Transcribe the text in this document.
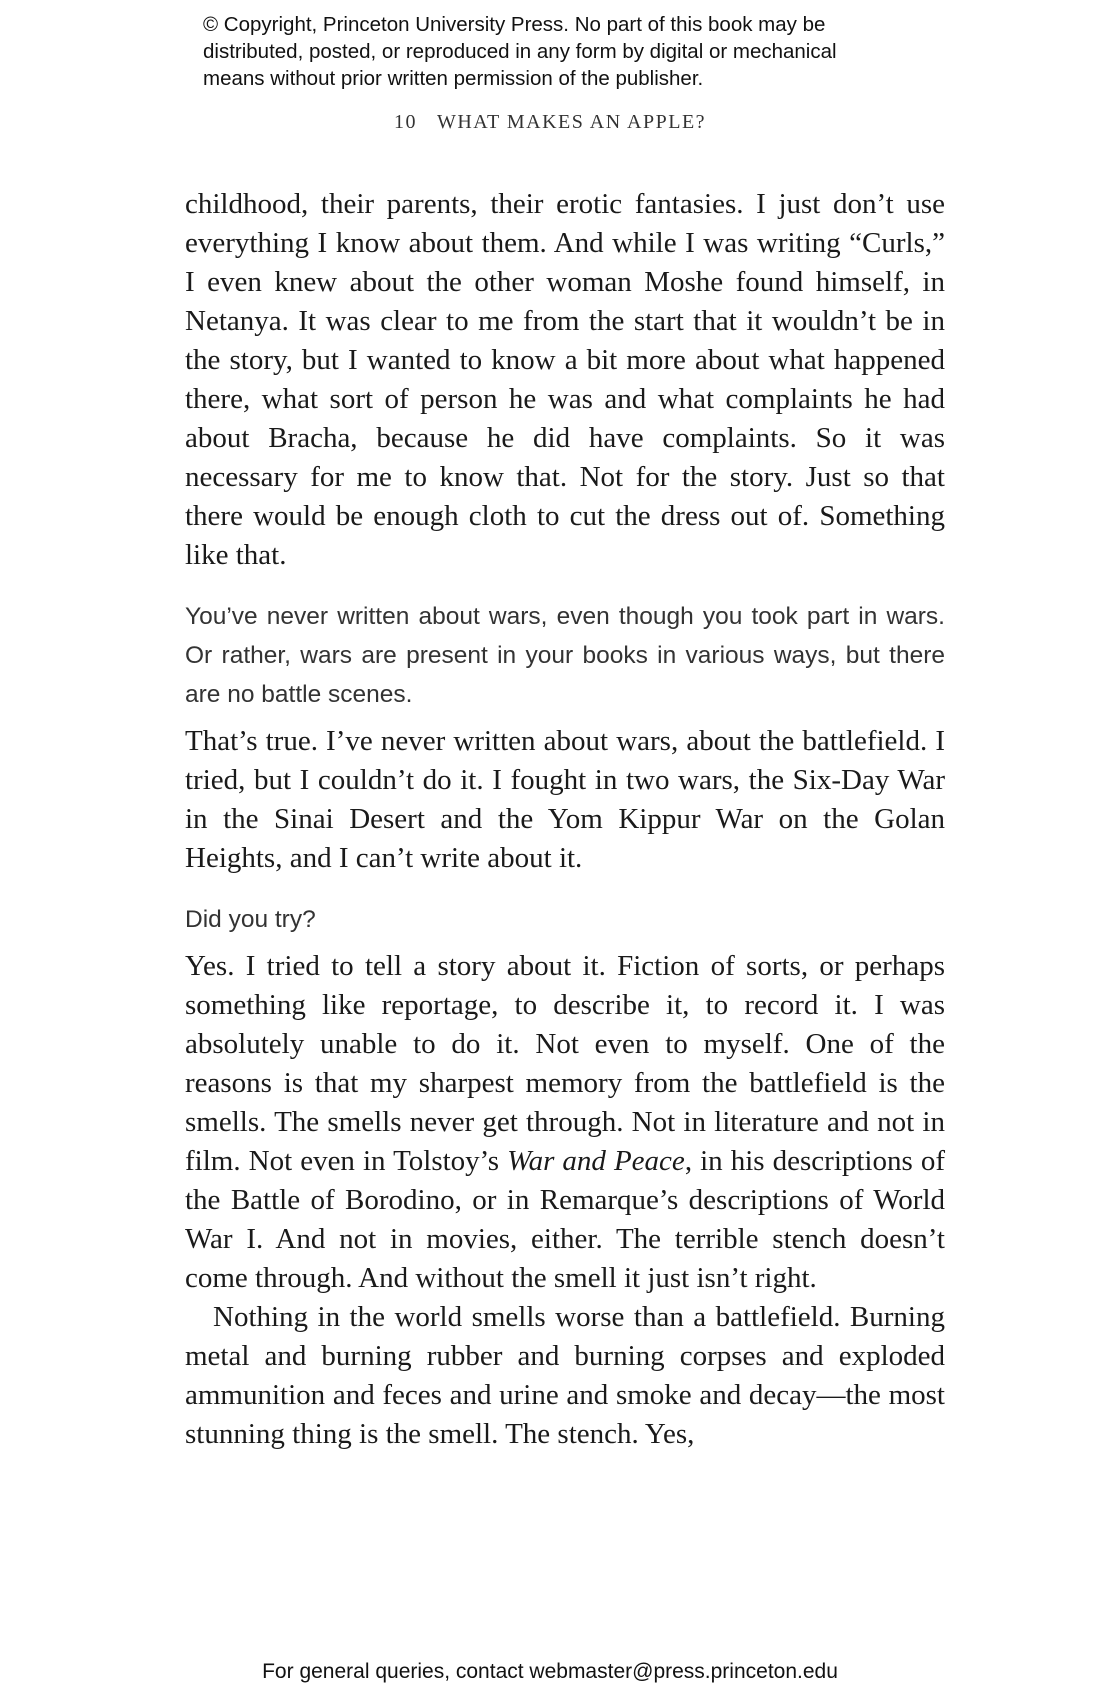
© Copyright, Princeton University Press. No part of this book may be

distributed, posted, or reproduced in any form by digital or mechanical

means without prior written permission of the publisher.

10 WHAT MAKES AN APPLE?

childhood, their parents, their erotic fantasies. I just don’t use everything I know about them. And while I was writing “Curls,” I even knew about the other woman Moshe found himself, in Netanya. It was clear to me from the start that it wouldn’t be in the story, but I wanted to know a bit more about what happened there, what sort of person he was and what complaints he had about Bracha, because he did have complaints. So it was necessary for me to know that. Not for the story. Just so that there would be enough cloth to cut the dress out of. Something like that.

You’ve never written about wars, even though you took part in wars. Or rather, wars are present in your books in various ways, but there are no battle scenes.

That’s true. I’ve never written about wars, about the battlefield. I tried, but I couldn’t do it. I fought in two wars, the Six-Day War in the Sinai Desert and the Yom Kippur War on the Golan Heights, and I can’t write about it.

Did you try?

Yes. I tried to tell a story about it. Fiction of sorts, or perhaps something like reportage, to describe it, to record it. I was absolutely unable to do it. Not even to myself. One of the reasons is that my sharpest memory from the battlefield is the smells. The smells never get through. Not in literature and not in film. Not even in Tolstoy’s War and Peace, in his descriptions of the Battle of Borodino, or in Remarque’s descriptions of World War I. And not in movies, either. The terrible stench doesn’t come through. And without the smell it just isn’t right.

Nothing in the world smells worse than a battlefield. Burning metal and burning rubber and burning corpses and exploded ammunition and feces and urine and smoke and decay—the most stunning thing is the smell. The stench. Yes,

For general queries, contact webmaster@press.princeton.edu
